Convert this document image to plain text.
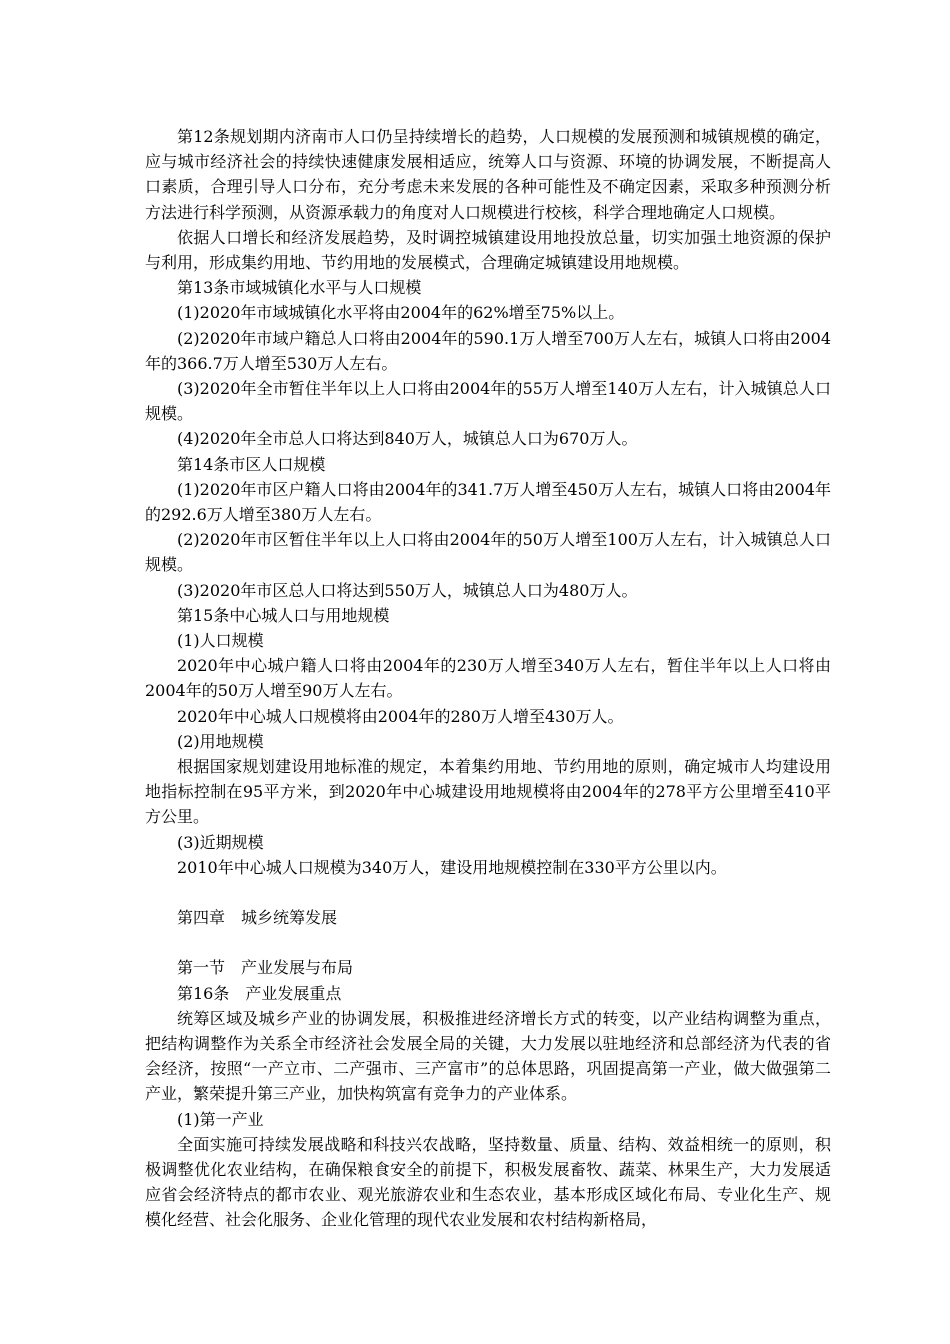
第12条规划期内济南市人口仍呈持续增长的趋势，人口规模的发展预测和城镇规模的确定，应与城市经济社会的持续快速健康发展相适应，统筹人口与资源、环境的协调发展，不断提高人口素质，合理引导人口分布，充分考虑未来发展的各种可能性及不确定因素，采取多种预测分析方法进行科学预测，从资源承载力的角度对人口规模进行校核，科学合理地确定人口规模。

依据人口增长和经济发展趋势，及时调控城镇建设用地投放总量，切实加强土地资源的保护与利用，形成集约用地、节约用地的发展模式，合理确定城镇建设用地规模。

第13条市域城镇化水平与人口规模

(1)2020年市域城镇化水平将由2004年的62%增至75%以上。

(2)2020年市域户籍总人口将由2004年的590.1万人增至700万人左右，城镇人口将由2004年的366.7万人增至530万人左右。

(3)2020年全市暂住半年以上人口将由2004年的55万人增至140万人左右，计入城镇总人口规模。

(4)2020年全市总人口将达到840万人，城镇总人口为670万人。

第14条市区人口规模

(1)2020年市区户籍人口将由2004年的341.7万人增至450万人左右，城镇人口将由2004年的292.6万人增至380万人左右。

(2)2020年市区暂住半年以上人口将由2004年的50万人增至100万人左右，计入城镇总人口规模。

(3)2020年市区总人口将达到550万人，城镇总人口为480万人。

第15条中心城人口与用地规模

(1)人口规模

2020年中心城户籍人口将由2004年的230万人增至340万人左右，暂住半年以上人口将由2004年的50万人增至90万人左右。

2020年中心城人口规模将由2004年的280万人增至430万人。

(2)用地规模

根据国家规划建设用地标准的规定，本着集约用地、节约用地的原则，确定城市人均建设用地指标控制在95平方米，到2020年中心城建设用地规模将由2004年的278平方公里增至410平方公里。

(3)近期规模

2010年中心城人口规模为340万人，建设用地规模控制在330平方公里以内。

第四章　城乡统筹发展

第一节　产业发展与布局

第16条　产业发展重点

统筹区域及城乡产业的协调发展，积极推进经济增长方式的转变，以产业结构调整为重点，把结构调整作为关系全市经济社会发展全局的关键，大力发展以驻地经济和总部经济为代表的省会经济，按照“一产立市、二产强市、三产富市”的总体思路，巩固提高第一产业，做大做强第二产业，繁荣提升第三产业，加快构筑富有竞争力的产业体系。

(1)第一产业

全面实施可持续发展战略和科技兴农战略，坚持数量、质量、结构、效益相统一的原则，积极调整优化农业结构，在确保粮食安全的前提下，积极发展畜牧、蔬菜、林果生产，大力发展适应省会经济特点的都市农业、观光旅游农业和生态农业，基本形成区域化布局、专业化生产、规模化经营、社会化服务、企业化管理的现代农业发展和农村结构新格局，
